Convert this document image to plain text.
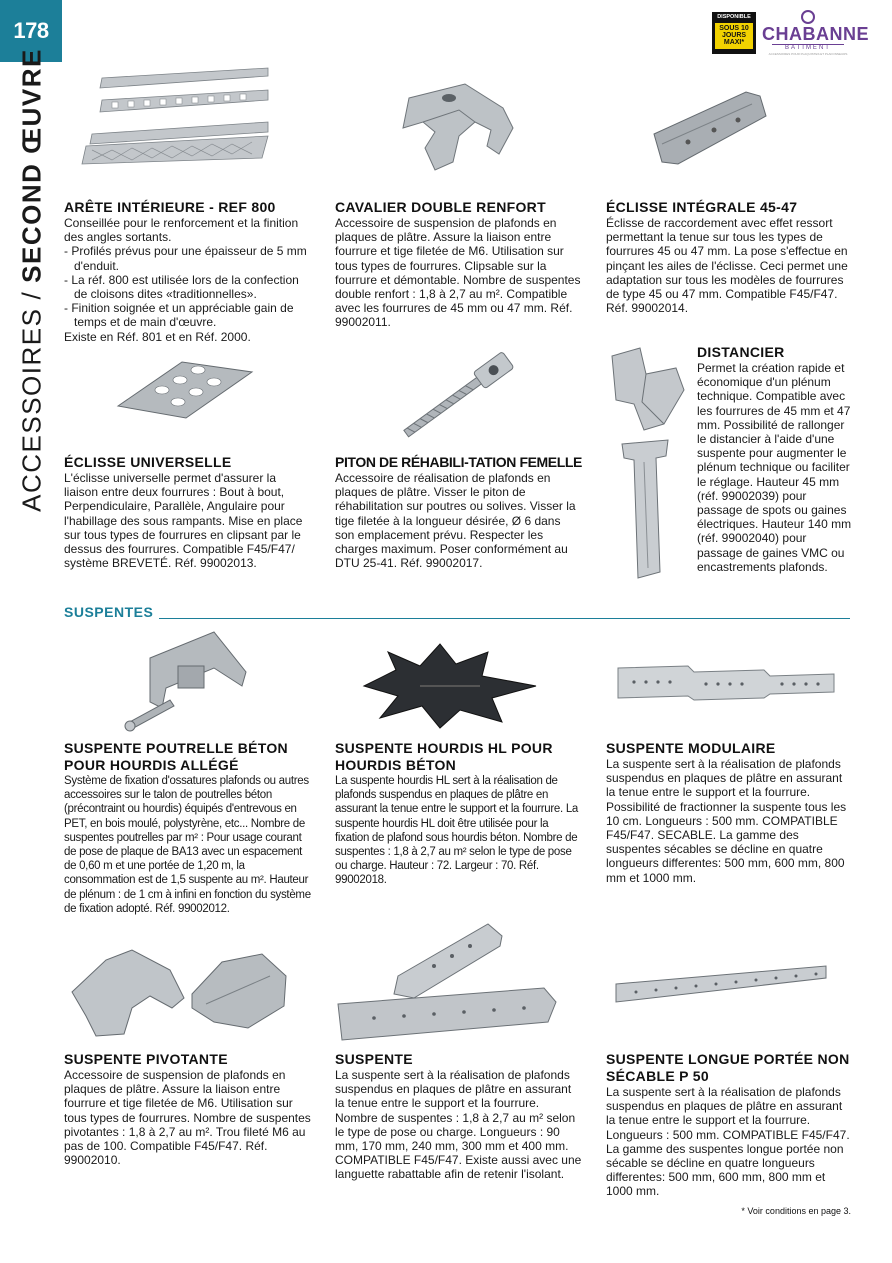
178
ACCESSOIRES/SECOND ŒUVRE
DISPONIBLE
SOUS 10 JOURS MAXI* CHABANNE
BATIMENT
ACCESSOIRES POUR PLAQUISTES ET PLAFONNEURS
ARÊTE INTÉRIEURE - REF 800

Conseillée pour le renforcement et la finition des angles sortants.

- Profilés prévus pour une épaisseur de 5 mm d'enduit.
- La réf. 800 est utilisée lors de la confection de cloisons dites «traditionnelles».
- Finition soignée et un appréciable gain de temps et de main d'œuvre.

Existe en Réf. 801 et en Réf. 2000.

CAVALIER DOUBLE RENFORT

Accessoire de suspension de plafonds en plaques de plâtre. Assure la liaison entre fourrure et tige filetée de M6. Utilisation sur tous types de fourrures. Clipsable sur la fourrure et démontable. Nombre de suspentes double renfort : 1,8 à 2,7 au m². Compatible avec les fourrures de 45 mm ou 47 mm. Réf. 99002011.

ÉCLISSE INTÉGRALE 45-47

Éclisse de raccordement avec effet ressort permettant la tenue sur tous les types de fourrures 45 ou 47 mm. La pose s'effectue en pinçant les ailes de l'éclisse. Ceci permet une adaptation sur tous les modèles de fourrures de type 45 ou 47 mm. Compatible F45/F47. Réf. 99002014.

ÉCLISSE UNIVERSELLE

L'éclisse universelle permet d'assurer la liaison entre deux fourrures : Bout à bout, Perpendiculaire, Parallèle, Angulaire pour l'habillage des sous rampants. Mise en place sur tous types de fourrures en clipsant par le dessus des fourrures. Compatible F45/F47/ système BREVETÉ. Réf. 99002013.

PITON DE RÉHABILI-TATION FEMELLE

Accessoire de réalisation de plafonds en plaques de plâtre. Visser le piton de réhabilitation sur poutres ou solives. Visser la tige filetée à la longueur désirée, Ø 6 dans son emplacement prévu. Respecter les charges maximum. Poser conformément au DTU 25-41. Réf. 99002017.

DISTANCIER

Permet la création rapide et économique d'un plénum technique. Compatible avec les fourrures de 45 mm et 47 mm. Possibilité de rallonger le distancier à l'aide d'une suspente pour augmenter le plénum technique ou faciliter le réglage. Hauteur 45 mm (réf. 99002039) pour passage de spots ou gaines électriques. Hauteur 140 mm (réf. 99002040) pour passage de gaines VMC ou encastrements plafonds.

SUSPENTES
SUSPENTE POUTRELLE BÉTON POUR HOURDIS ALLÉGÉ

Système de fixation d'ossatures plafonds ou autres accessoires sur le talon de poutrelles béton (précontraint ou hourdis) équipés d'entrevous en PET, en bois moulé, polystyrène, etc... Nombre de suspentes poutrelles par m² : Pour usage courant de pose de plaque de BA13 avec un espacement de 0,60 m et une portée de 1,20 m, la consommation est de 1,5 suspente au m². Hauteur de plénum : de 1 cm à infini en fonction du système de fixation adopté. Réf. 99002012.

SUSPENTE HOURDIS HL POUR HOURDIS BÉTON

La suspente hourdis HL sert à la réalisation de plafonds suspendus en plaques de plâtre en assurant la tenue entre le support et la fourrure. La suspente hourdis HL doit être utilisée pour la fixation de plafond sous hourdis béton. Nombre de suspentes : 1,8 à 2,7 au m² selon le type de pose ou charge. Hauteur : 72. Largeur : 70. Réf. 99002018.

SUSPENTE MODULAIRE

La suspente sert à la réalisation de plafonds suspendus en plaques de plâtre en assurant la tenue entre le support et la fourrure. Possibilité de fractionner la suspente tous les 10 cm. Longueurs : 500 mm. COMPATIBLE F45/F47. SECABLE. La gamme des suspentes sécables se décline en quatre longueurs differentes: 500 mm, 600 mm, 800 mm et 1000 mm.

SUSPENTE PIVOTANTE

Accessoire de suspension de plafonds en plaques de plâtre. Assure la liaison entre fourrure et tige filetée de M6. Utilisation sur tous types de fourrures. Nombre de suspentes pivotantes : 1,8 à 2,7 au m². Trou fileté M6 au pas de 100. Compatible F45/F47. Réf. 99002010.

SUSPENTE

La suspente sert à la réalisation de plafonds suspendus en plaques de plâtre en assurant la tenue entre le support et la fourrure. Nombre de suspentes : 1,8 à 2,7 au m² selon le type de pose ou charge. Longueurs : 90 mm, 170 mm, 240 mm, 300 mm et 400 mm. COMPATIBLE F45/F47. Existe aussi avec une languette rabattable afin de retenir l'isolant.

SUSPENTE LONGUE PORTÉE NON SÉCABLE P 50

La suspente sert à la réalisation de plafonds suspendus en plaques de plâtre en assurant la tenue entre le support et la fourrure. Longueurs : 500 mm. COMPATIBLE F45/F47. La gamme des suspentes longue portée non sécable se décline en quatre longueurs differentes: 500 mm, 600 mm, 800 mm et 1000 mm.

* Voir conditions en page 3.
